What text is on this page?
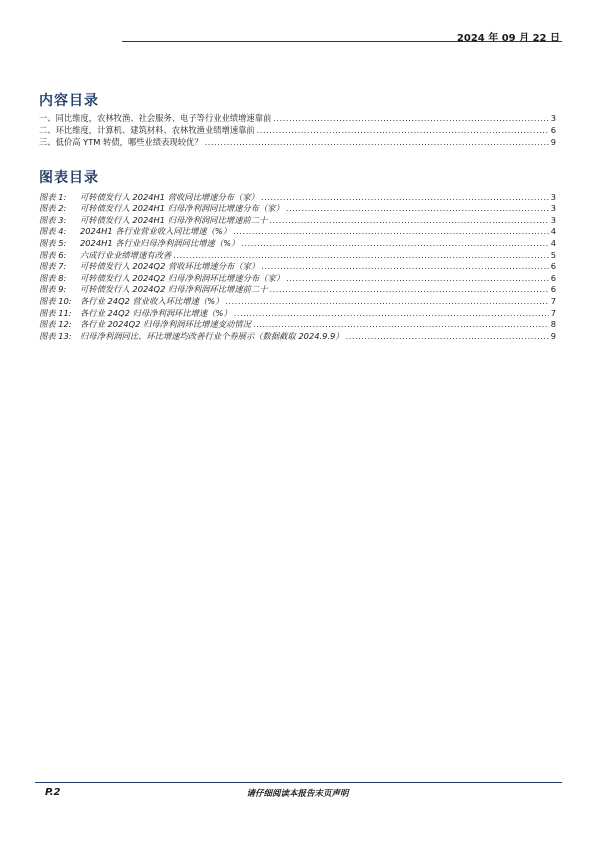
2024 年 09 月 22 日
内容目录
一、同比维度，农林牧渔、社会服务、电子等行业业绩增速靠前 .....	3
二、环比维度，计算机、建筑材料、农林牧渔业绩增速靠前 .....	6
三、低价高 YTM 转债，哪些业绩表现较优？ .....	9
图表目录
图表 1:	可转债发行人 2024H1 营收同比增速分布（家） .....	3
图表 2:	可转债发行人 2024H1 归母净利润同比增速分布（家） .....	3
图表 3:	可转债发行人 2024H1 归母净利润同比增速前二十 .....	3
图表 4:	2024H1 各行业营业收入同比增速（%） .....	4
图表 5:	2024H1 各行业归母净利润同比增速（%） .....	4
图表 6:	六成行业业绩增速有改善 .....	5
图表 7:	可转债发行人 2024Q2 营收环比增速分布（家） .....	6
图表 8:	可转债发行人 2024Q2 归母净利润环比增速分布（家） .....	6
图表 9:	可转债发行人 2024Q2 归母净利润环比增速前二十 .....	6
图表 10:	各行业 24Q2 营业收入环比增速（%） .....	7
图表 11:	各行业 24Q2 归母净利润环比增速（%） .....	7
图表 12:	各行业 2024Q2 归母净利润环比增速变动情况 .....	8
图表 13:	归母净利润同比、环比增速均改善行业个券展示（数据截取 2024.9.9） .....	9
P.2	请仔细阅读本报告末页声明
